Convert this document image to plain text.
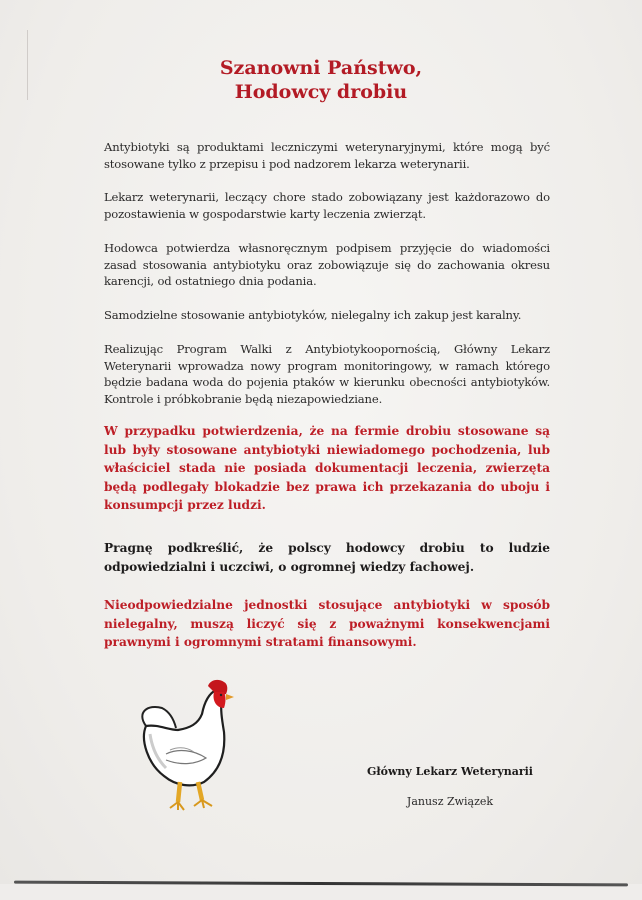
Szanowni Państwo,
Hodowcy drobiu
Antybiotyki są produktami leczniczymi weterynaryjnymi, które mogą być stosowane tylko z przepisu i pod nadzorem lekarza weterynarii.
Lekarz weterynarii, leczący chore stado zobowiązany jest każdorazowo do pozostawienia w gospodarstwie karty leczenia zwierząt.
Hodowca potwierdza własnoręcznym podpisem przyjęcie do wiadomości zasad stosowania antybiotyku oraz zobowiązuje się do zachowania okresu karencji, od ostatniego dnia podania.
Samodzielne stosowanie antybiotyków, nielegalny ich zakup jest karalny.
Realizując Program Walki z Antybiotykoopornością, Główny Lekarz Weterynarii wprowadza nowy program monitoringowy, w ramach którego będzie badana woda do pojenia ptaków w kierunku obecności antybiotyków. Kontrole i próbkobranie będą niezapowiedziane.
W przypadku potwierdzenia, że na fermie drobiu stosowane są lub były stosowane antybiotyki niewiadomego pochodzenia, lub właściciel stada nie posiada dokumentacji leczenia, zwierzęta będą podlegały blokadzie bez prawa ich przekazania do uboju i konsumpcji przez ludzi.
Pragnę podkreślić, że polscy hodowcy drobiu to ludzie odpowiedzialni i uczciwi, o ogromnej wiedzy fachowej.
Nieodpowiedzialne jednostki stosujące antybiotyki w sposób nielegalny, muszą liczyć się z poważnymi konsekwencjami prawnymi i ogromnymi stratami finansowymi.
Główny Lekarz Weterynarii
Janusz Związek
